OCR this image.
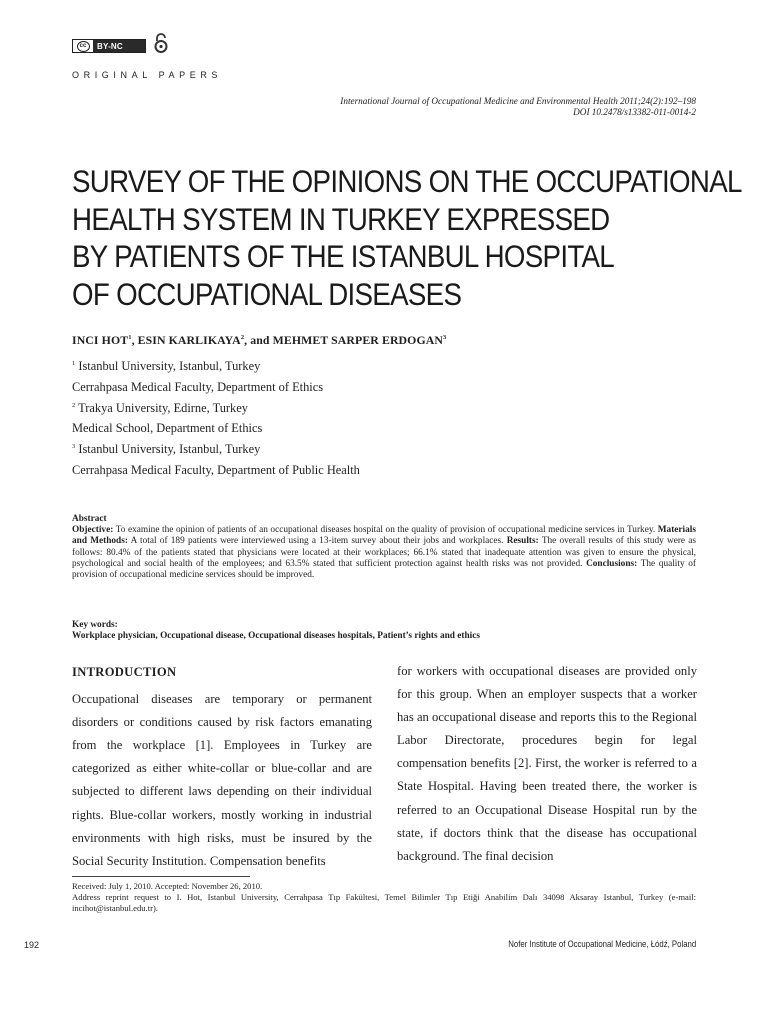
cc	BY-NC
ORIGINAL PAPERS
International Journal of Occupational Medicine and Environmental Health 2011;24(2):192–198
DOI 10.2478/s13382-011-0014-2
SURVEY OF THE OPINIONS ON THE OCCUPATIONAL
HEALTH SYSTEM IN TURKEY EXPRESSED
BY PATIENTS OF THE ISTANBUL HOSPITAL
OF OCCUPATIONAL DISEASES
INCI HOT$^1$, ESIN KARLIKAYA$^2$, and MEHMET SARPER ERDOGAN$^3$
$^1$ Istanbul University, Istanbul, Turkey
Cerrahpasa Medical Faculty, Department of Ethics
$^2$ Trakya University, Edirne, Turkey
Medical School, Department of Ethics
$^3$ Istanbul University, Istanbul, Turkey
Cerrahpasa Medical Faculty, Department of Public Health
Abstract
Objective: To examine the opinion of patients of an occupational diseases hospital on the quality of provision of occupational medicine services in Turkey. Materials and Methods: A total of 189 patients were interviewed using a 13-item survey about their jobs and workplaces. Results: The overall results of this study were as follows: 80.4% of the patients stated that physicians were located at their workplaces; 66.1% stated that inadequate attention was given to ensure the physical, psychological and social health of the employees; and 63.5% stated that sufficient protection against health risks was not provided. Conclusions: The quality of provision of occupational medicine services should be improved.
Key words:
Workplace physician, Occupational disease, Occupational diseases hospitals, Patient’s rights and ethics
INTRODUCTION
Occupational diseases are temporary or permanent disorders or conditions caused by risk factors emanating from the workplace [1]. Employees in Turkey are categorized as either white-collar or blue-collar and are subjected to different laws depending on their individual rights. Blue-collar workers, mostly working in industrial environments with high risks, must be insured by the Social Security Institution. Compensation benefits
for workers with occupational diseases are provided only for this group. When an employer suspects that a worker has an occupational disease and reports this to the Regional Labor Directorate, procedures begin for legal compensation benefits [2]. First, the worker is referred to a State Hospital. Having been treated there, the worker is referred to an Occupational Disease Hospital run by the state, if doctors think that the disease has occupational background. The final decision
Received: July 1, 2010. Accepted: November 26, 2010.
Address reprint request to I. Hot, Istanbul University, Cerrahpasa Tıp Fakültesi, Temel Bilimler Tıp Etiği Anabilim Dalı 34098 Aksaray Istanbul, Turkey (e-mail: incihot@istanbul.edu.tr).
192	Nofer Institute of Occupational Medicine, Łódź, Poland
